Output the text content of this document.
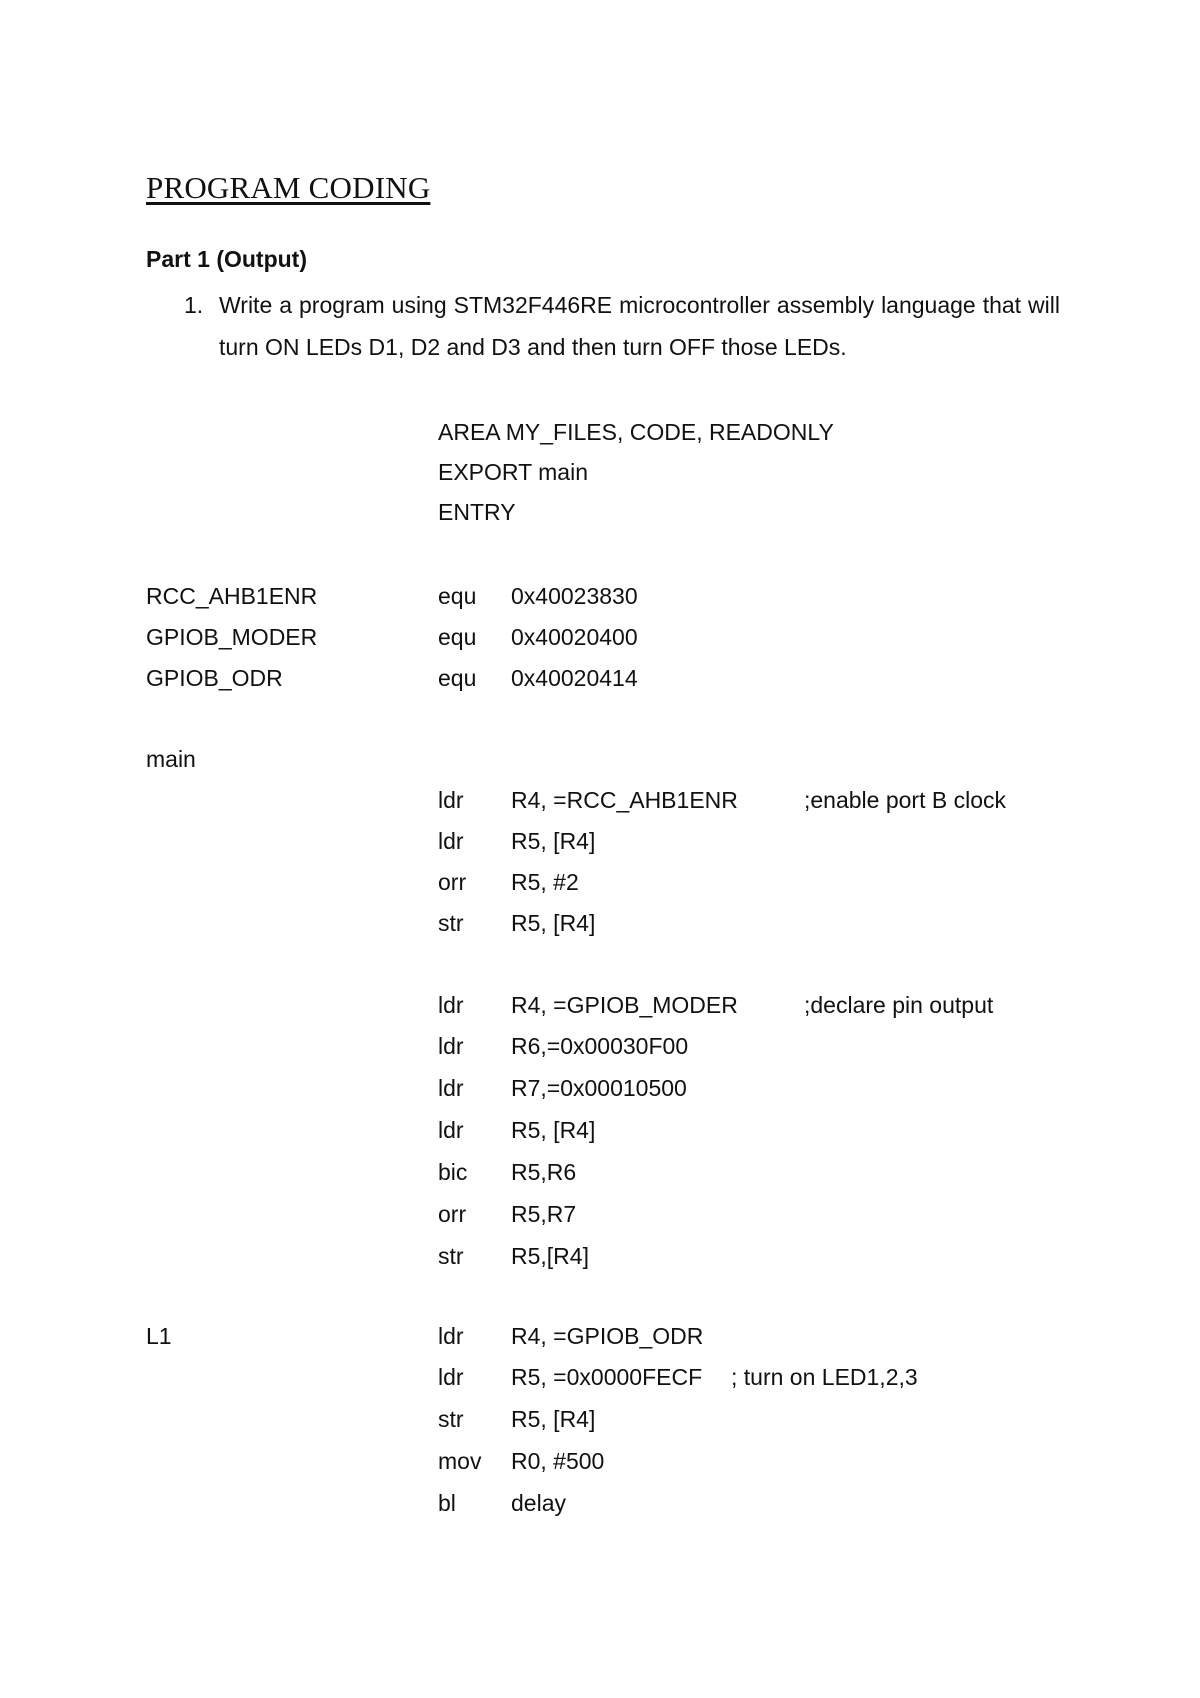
PROGRAM CODING
Part 1 (Output)
1. Write a program using STM32F446RE microcontroller assembly language that will turn ON LEDs D1, D2 and D3 and then turn OFF those LEDs.
AREA MY_FILES, CODE, READONLY
EXPORT main
ENTRY
RCC_AHB1ENR	equ 0x40023830
GPIOB_MODER	equ 0x40020400
GPIOB_ODR	equ 0x40020414
main
ldr R4, =RCC_AHB1ENR	;enable port B clock
ldr R5, [R4]
orr R5, #2
str R5, [R4]
ldr R4, =GPIOB_MODER	;declare pin output
ldr R6,=0x00030F00
ldr R7,=0x00010500
ldr R5, [R4]
bic R5,R6
orr R5,R7
str R5,[R4]
L1	ldr R4, =GPIOB_ODR
ldr R5, =0x0000FECF ; turn on LED1,2,3
str R5, [R4]
mov R0, #500
bl delay
